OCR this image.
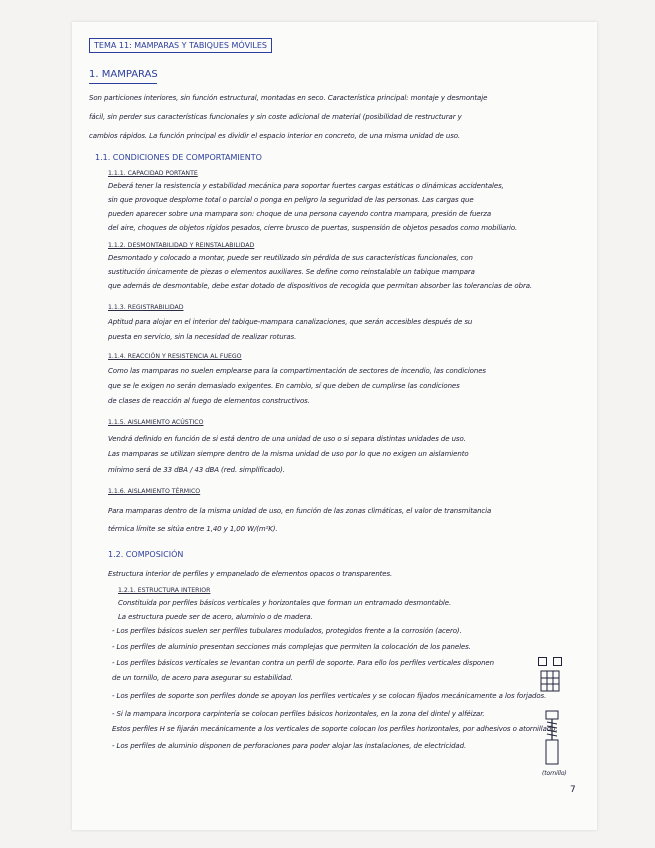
TEMA 11: MAMPARAS Y TABIQUES MÓVILES
1. MAMPARAS
Son particiones interiores, sin función estructural, montadas en seco. Característica principal: montaje y desmontaje
fácil, sin perder sus características funcionales y sin coste adicional de material (posibilidad de restructurar y
cambios rápidos. La función principal es dividir el espacio interior en concreto, de una misma unidad de uso.
1.1. CONDICIONES DE COMPORTAMIENTO
1.1.1. CAPACIDAD PORTANTE
Deberá tener la resistencia y estabilidad mecánica para soportar fuertes cargas estáticas o dinámicas accidentales,
sin que provoque desplome total o parcial o ponga en peligro la seguridad de las personas. Las cargas que
pueden aparecer sobre una mampara son: choque de una persona cayendo contra mampara, presión de fuerza
del aire, choques de objetos rígidos pesados, cierre brusco de puertas, suspensión de objetos pesados como mobiliario.
1.1.2. DESMONTABILIDAD Y REINSTALABILIDAD
Desmontado y colocado a montar, puede ser reutilizado sin pérdida de sus características funcionales, con
sustitución únicamente de piezas o elementos auxiliares. Se define como reinstalable un tabique mampara
que además de desmontable, debe estar dotado de dispositivos de recogida que permitan absorber las tolerancias de obra.
1.1.3. REGISTRABILIDAD
Aptitud para alojar en el interior del tabique-mampara canalizaciones, que serán accesibles después de su
puesta en servicio, sin la necesidad de realizar roturas.
1.1.4. REACCIÓN Y RESISTENCIA AL FUEGO
Como las mamparas no suelen emplearse para la compartimentación de sectores de incendio, las condiciones
que se le exigen no serán demasiado exigentes. En cambio, sí que deben de cumplirse las condiciones
de clases de reacción al fuego de elementos constructivos.
1.1.5. AISLAMIENTO ACÚSTICO
Vendrá definido en función de si está dentro de una unidad de uso o si separa distintas unidades de uso.
Las mamparas se utilizan siempre dentro de la misma unidad de uso por lo que no exigen un aislamiento
mínimo será de 33 dBA / 43 dBA (red. simplificado).
1.1.6. AISLAMIENTO TÉRMICO
Para mamparas dentro de la misma unidad de uso, en función de las zonas climáticas, el valor de transmitancia
térmica límite se sitúa entre 1,40 y 1,00 W/(m²K).
1.2. COMPOSICIÓN
Estructura interior de perfiles y empanelado de elementos opacos o transparentes.
1.2.1. ESTRUCTURA INTERIOR
Constituida por perfiles básicos verticales y horizontales que forman un entramado desmontable.
La estructura puede ser de acero, aluminio o de madera.
- Los perfiles básicos suelen ser perfiles tubulares modulados, protegidos frente a la corrosión (acero).
- Los perfiles de aluminio presentan secciones más complejas que permiten la colocación de los paneles.
- Los perfiles básicos verticales se levantan contra un perfil de soporte. Para ello los perfiles verticales disponen
de un tornillo, de acero para asegurar su estabilidad.
- Los perfiles de soporte son perfiles donde se apoyan los perfiles verticales y se colocan fijados mecánicamente a los forjados.
- Si la mampara incorpora carpintería se colocan perfiles básicos horizontales, en la zona del dintel y alféizar.
Estos perfiles H se fijarán mecánicamente a los verticales de soporte colocan los perfiles horizontales, por adhesivos o atornillado.
- Los perfiles de aluminio disponen de perforaciones para poder alojar las instalaciones, de electricidad.
(tornillo)
7
